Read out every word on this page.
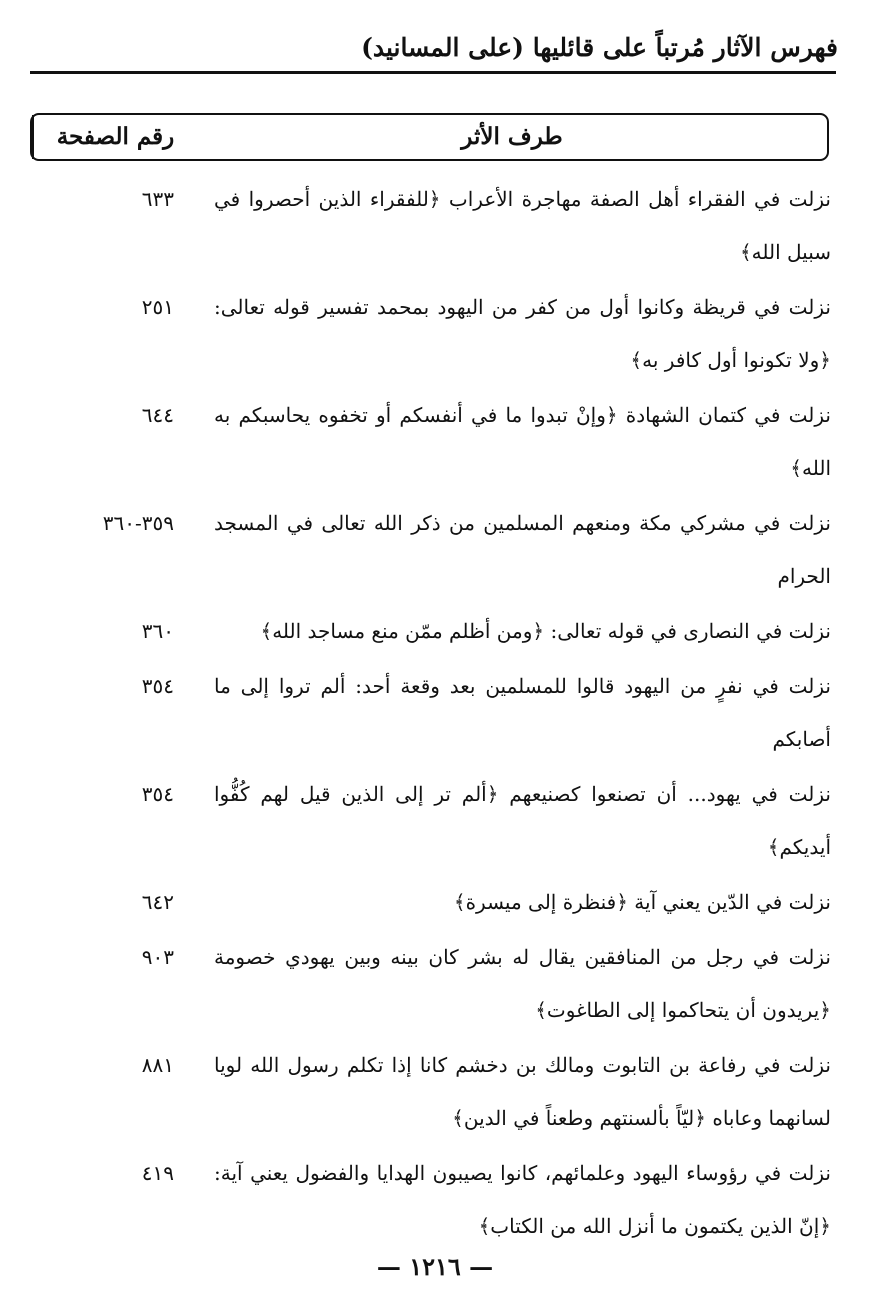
فهرس الآثار مُرتباً على قائليها (على المسانيد)
طرف الأثر
رقم الصفحة
نزلت في الفقراء أهل الصفة مهاجرة الأعراب ﴿للفقراء الذين أحصروا في سبيل الله﴾
٦٣٣
نزلت في قريظة وكانوا أول من كفر من اليهود بمحمد تفسير قوله تعالى: ﴿ولا تكونوا أول كافر به﴾
٢٥١
نزلت في كتمان الشهادة ﴿وإنْ تبدوا ما في أنفسكم أو تخفوه يحاسبكم به الله﴾
٦٤٤
نزلت في مشركي مكة ومنعهم المسلمين من ذكر الله تعالى في المسجد الحرام
٣٥٩-٣٦٠
نزلت في النصارى في قوله تعالى: ﴿ومن أظلم ممّن منع مساجد الله﴾
٣٦٠
نزلت في نفرٍ من اليهود قالوا للمسلمين بعد وقعة أحد: ألم تروا إلى ما أصابكم
٣٥٤
نزلت في يهود... أن تصنعوا كصنيعهم ﴿ألم تر إلى الذين قيل لهم كُفُّوا أيديكم﴾
٣٥٤
نزلت في الدّين يعني آية ﴿فنظرة إلى ميسرة﴾
٦٤٢
نزلت في رجل من المنافقين يقال له بشر كان بينه وبين يهودي خصومة ﴿يريدون أن يتحاكموا إلى الطاغوت﴾
٩٠٣
نزلت في رفاعة بن التابوت ومالك بن دخشم كانا إذا تكلم رسول الله لويا لسانهما وعاباه ﴿ليّاً بألسنتهم وطعناً في الدين﴾
٨٨١
نزلت في رؤوساء اليهود وعلمائهم، كانوا يصيبون الهدايا والفضول يعني آية: ﴿إنّ الذين يكتمون ما أنزل الله من الكتاب﴾
٤١٩
— ١٢١٦ —
